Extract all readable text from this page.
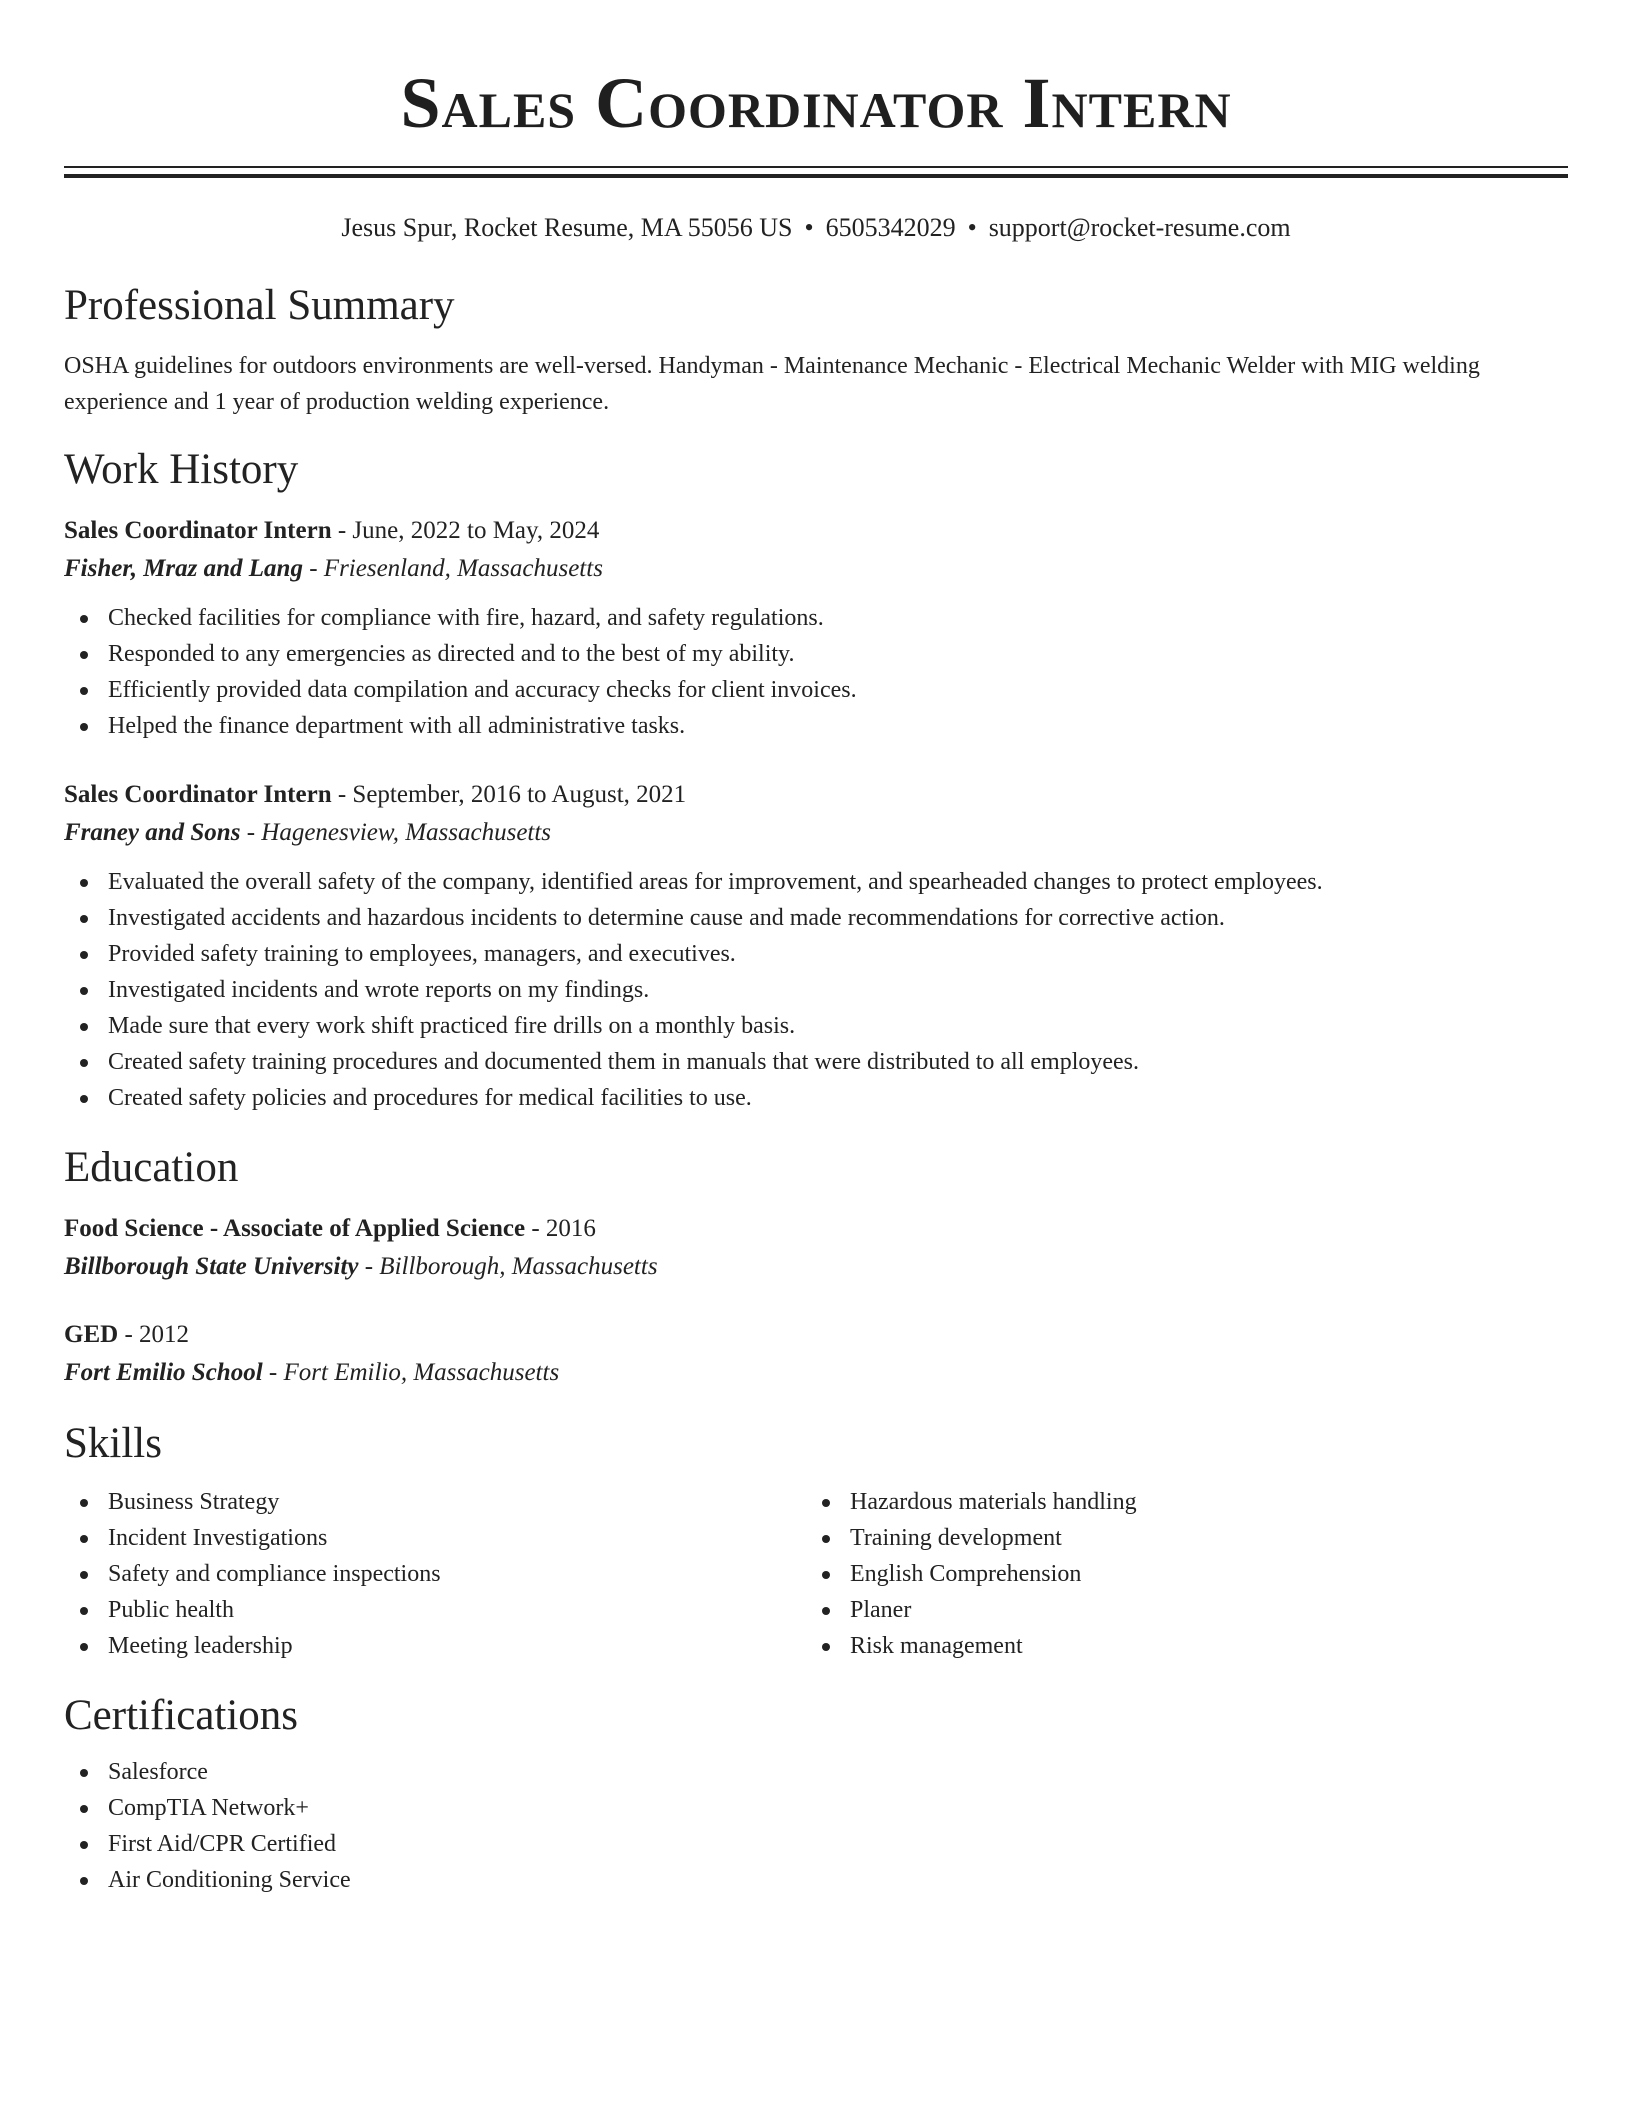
Sales Coordinator Intern
Jesus Spur, Rocket Resume, MA 55056 US • 6505342029 • support@rocket-resume.com
Professional Summary

OSHA guidelines for outdoors environments are well-versed. Handyman - Maintenance Mechanic - Electrical Mechanic Welder with MIG welding experience and 1 year of production welding experience.

Work History
Sales Coordinator Intern - June, 2022 to May, 2024
Fisher, Mraz and Lang - Friesenland, Massachusetts
Checked facilities for compliance with fire, hazard, and safety regulations.
Responded to any emergencies as directed and to the best of my ability.
Efficiently provided data compilation and accuracy checks for client invoices.
Helped the finance department with all administrative tasks.
Sales Coordinator Intern - September, 2016 to August, 2021
Franey and Sons - Hagenesview, Massachusetts
Evaluated the overall safety of the company, identified areas for improvement, and spearheaded changes to protect employees.
Investigated accidents and hazardous incidents to determine cause and made recommendations for corrective action.
Provided safety training to employees, managers, and executives.
Investigated incidents and wrote reports on my findings.
Made sure that every work shift practiced fire drills on a monthly basis.
Created safety training procedures and documented them in manuals that were distributed to all employees.
Created safety policies and procedures for medical facilities to use.
Education
Food Science - Associate of Applied Science - 2016
Billborough State University - Billborough, Massachusetts
GED - 2012
Fort Emilio School - Fort Emilio, Massachusetts
Skills
Business Strategy
Incident Investigations
Safety and compliance inspections
Public health
Meeting leadership
Hazardous materials handling
Training development
English Comprehension
Planer
Risk management
Certifications
Salesforce
CompTIA Network+
First Aid/CPR Certified
Air Conditioning Service
